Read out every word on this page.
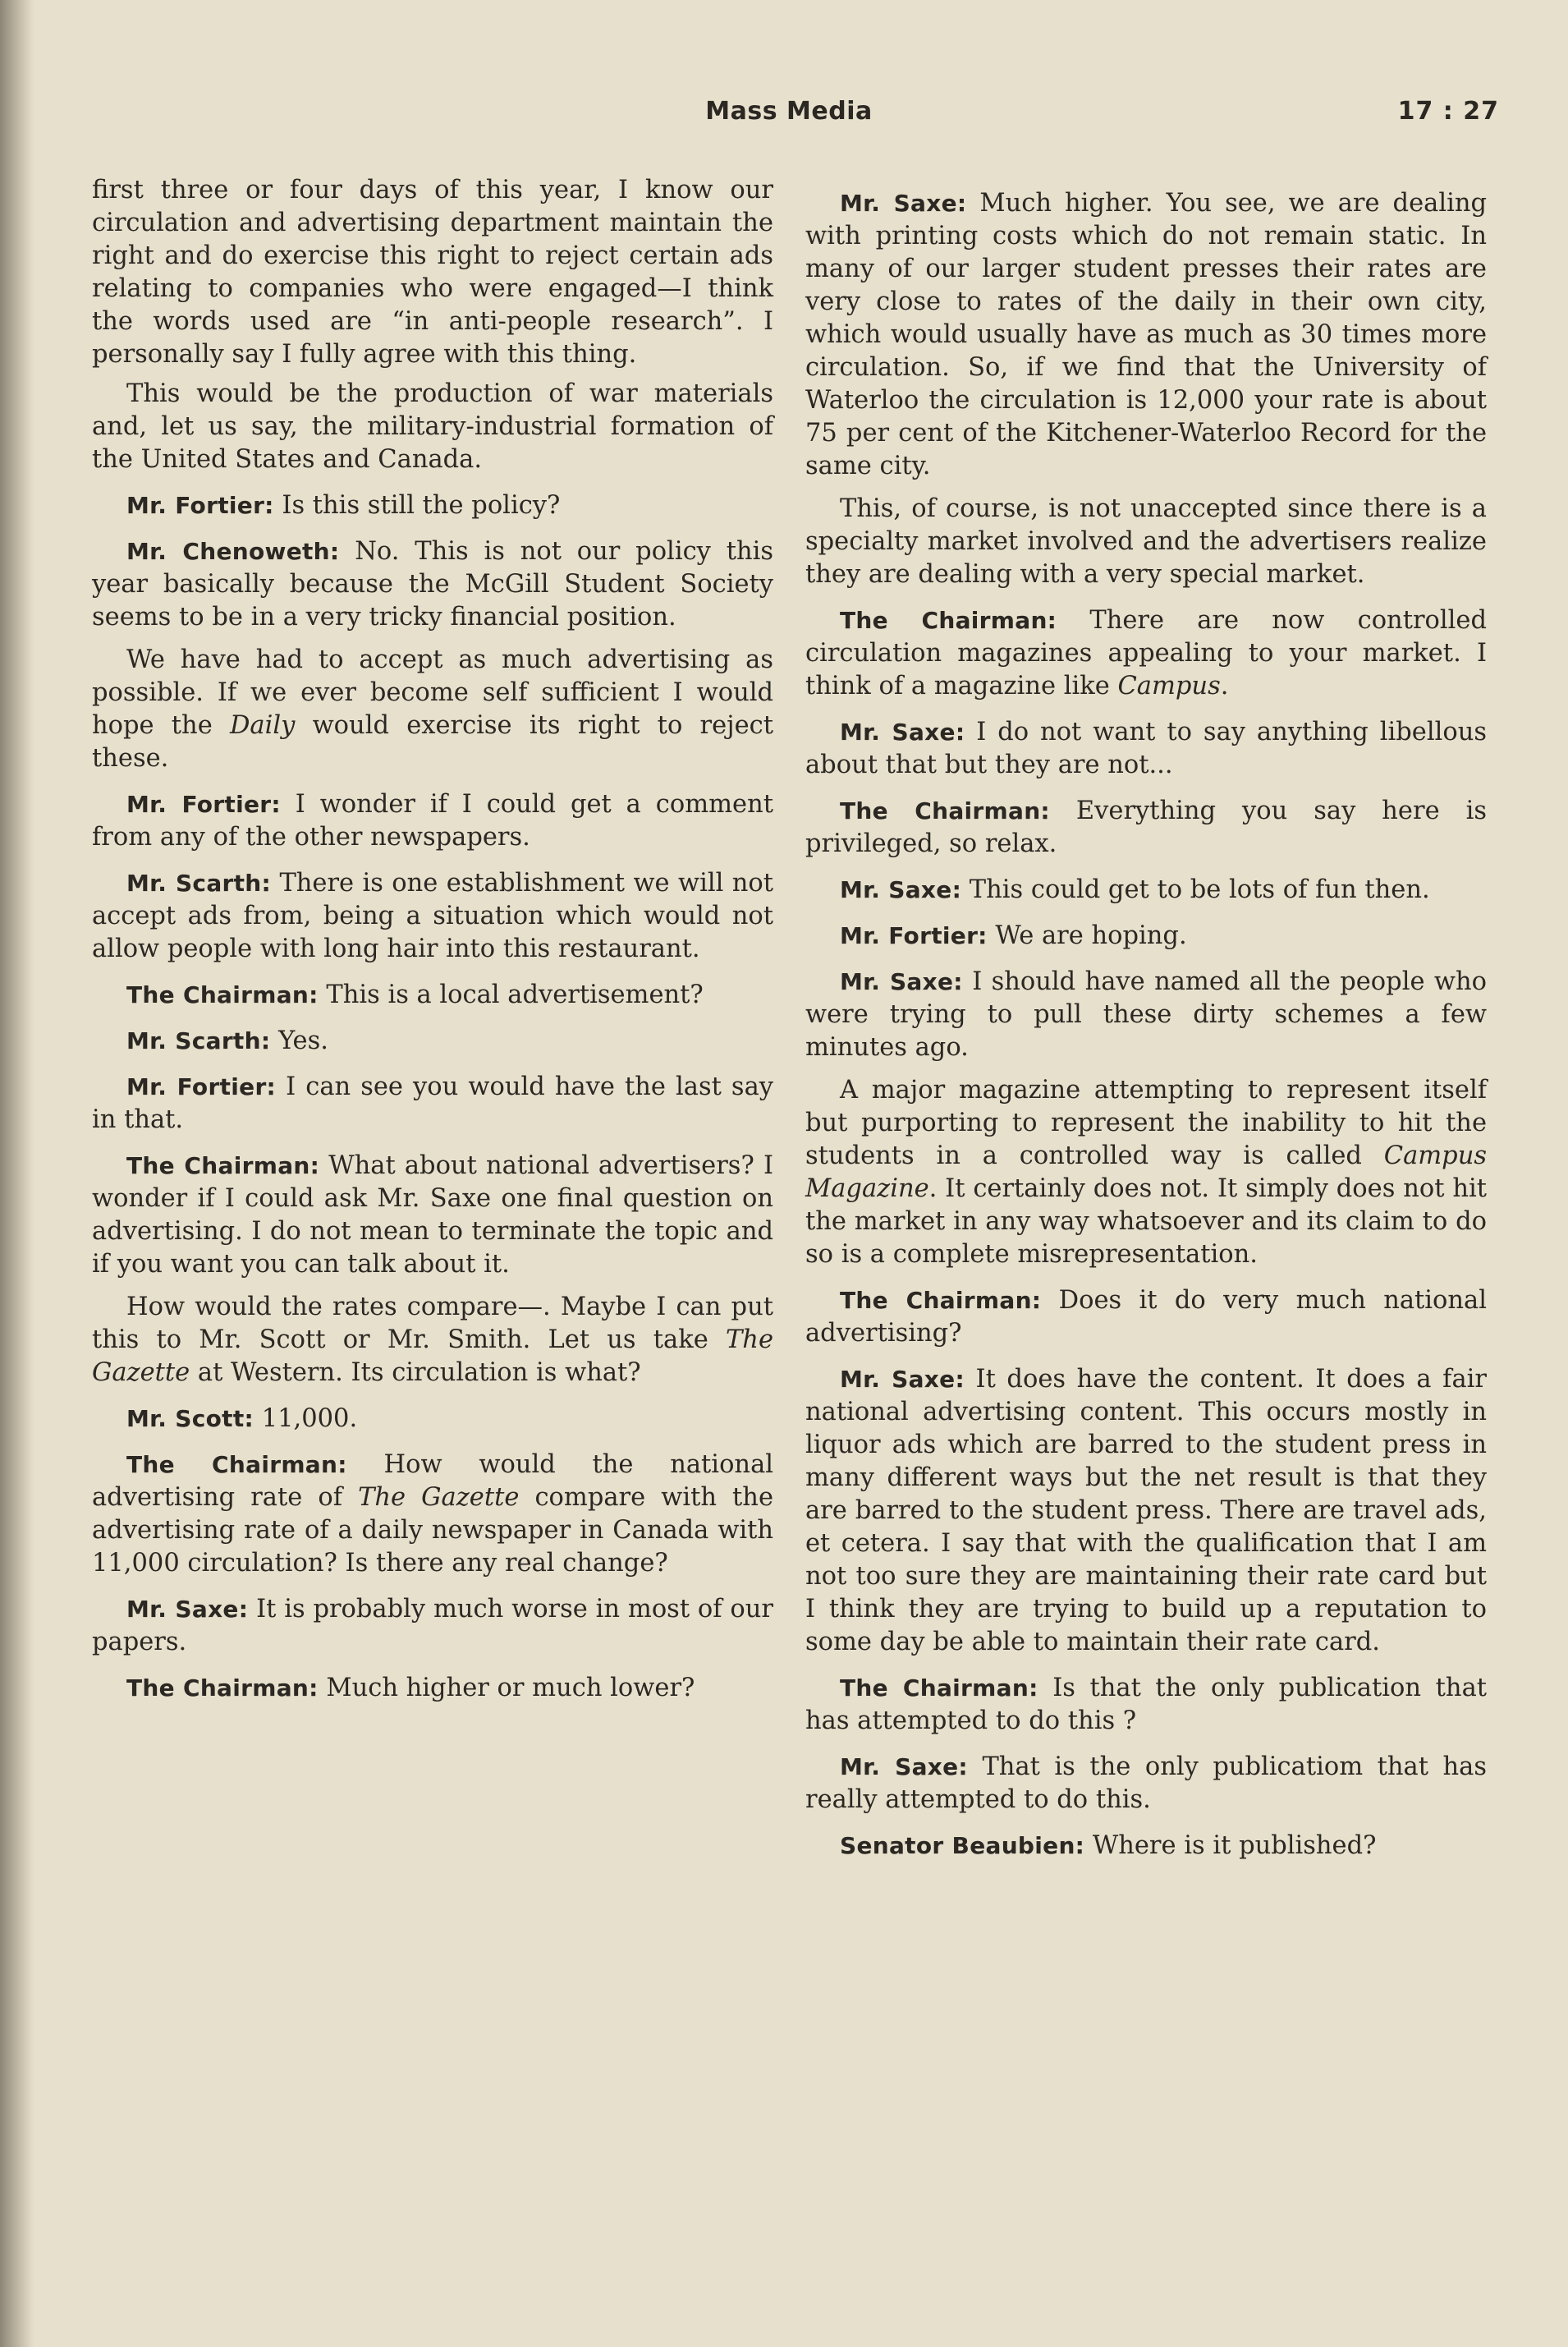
Mass Media	17 : 27

first three or four days of this year, I know our circulation and advertising department maintain the right and do exercise this right to reject certain ads relating to companies who were engaged—I think the words used are “in anti-people research”. I personally say I fully agree with this thing.

This would be the production of war materials and, let us say, the military-industrial formation of the United States and Canada.

Mr. Fortier: Is this still the policy?

Mr. Chenoweth: No. This is not our policy this year basically because the McGill Student Society seems to be in a very tricky financial position.

We have had to accept as much advertising as possible. If we ever become self sufficient I would hope the Daily would exercise its right to reject these.

Mr. Fortier: I wonder if I could get a comment from any of the other newspapers.

Mr. Scarth: There is one establishment we will not accept ads from, being a situation which would not allow people with long hair into this restaurant.

The Chairman: This is a local advertisement?

Mr. Scarth: Yes.

Mr. Fortier: I can see you would have the last say in that.

The Chairman: What about national advertisers? I wonder if I could ask Mr. Saxe one final question on advertising. I do not mean to terminate the topic and if you want you can talk about it.

How would the rates compare—. Maybe I can put this to Mr. Scott or Mr. Smith. Let us take The Gazette at Western. Its circulation is what?

Mr. Scott: 11,000.

The Chairman: How would the national advertising rate of The Gazette compare with the advertising rate of a daily newspaper in Canada with 11,000 circulation? Is there any real change?

Mr. Saxe: It is probably much worse in most of our papers.

The Chairman: Much higher or much lower?

Mr. Saxe: Much higher. You see, we are dealing with printing costs which do not remain static. In many of our larger student presses their rates are very close to rates of the daily in their own city, which would usually have as much as 30 times more circulation. So, if we find that the University of Waterloo the circulation is 12,000 your rate is about 75 per cent of the Kitchener-Waterloo Record for the same city.

This, of course, is not unaccepted since there is a specialty market involved and the advertisers realize they are dealing with a very special market.

The Chairman: There are now controlled circulation magazines appealing to your market. I think of a magazine like Campus.

Mr. Saxe: I do not want to say anything libellous about that but they are not...

The Chairman: Everything you say here is privileged, so relax.

Mr. Saxe: This could get to be lots of fun then.

Mr. Fortier: We are hoping.

Mr. Saxe: I should have named all the people who were trying to pull these dirty schemes a few minutes ago.

A major magazine attempting to represent itself but purporting to represent the inability to hit the students in a controlled way is called Campus Magazine. It certainly does not. It simply does not hit the market in any way whatsoever and its claim to do so is a complete misrepresentation.

The Chairman: Does it do very much national advertising?

Mr. Saxe: It does have the content. It does a fair national advertising content. This occurs mostly in liquor ads which are barred to the student press in many different ways but the net result is that they are barred to the student press. There are travel ads, et cetera. I say that with the qualification that I am not too sure they are maintaining their rate card but I think they are trying to build up a reputation to some day be able to maintain their rate card.

The Chairman: Is that the only publication that has attempted to do this ?

Mr. Saxe: That is the only publicatiom that has really attempted to do this.

Senator Beaubien: Where is it published?
